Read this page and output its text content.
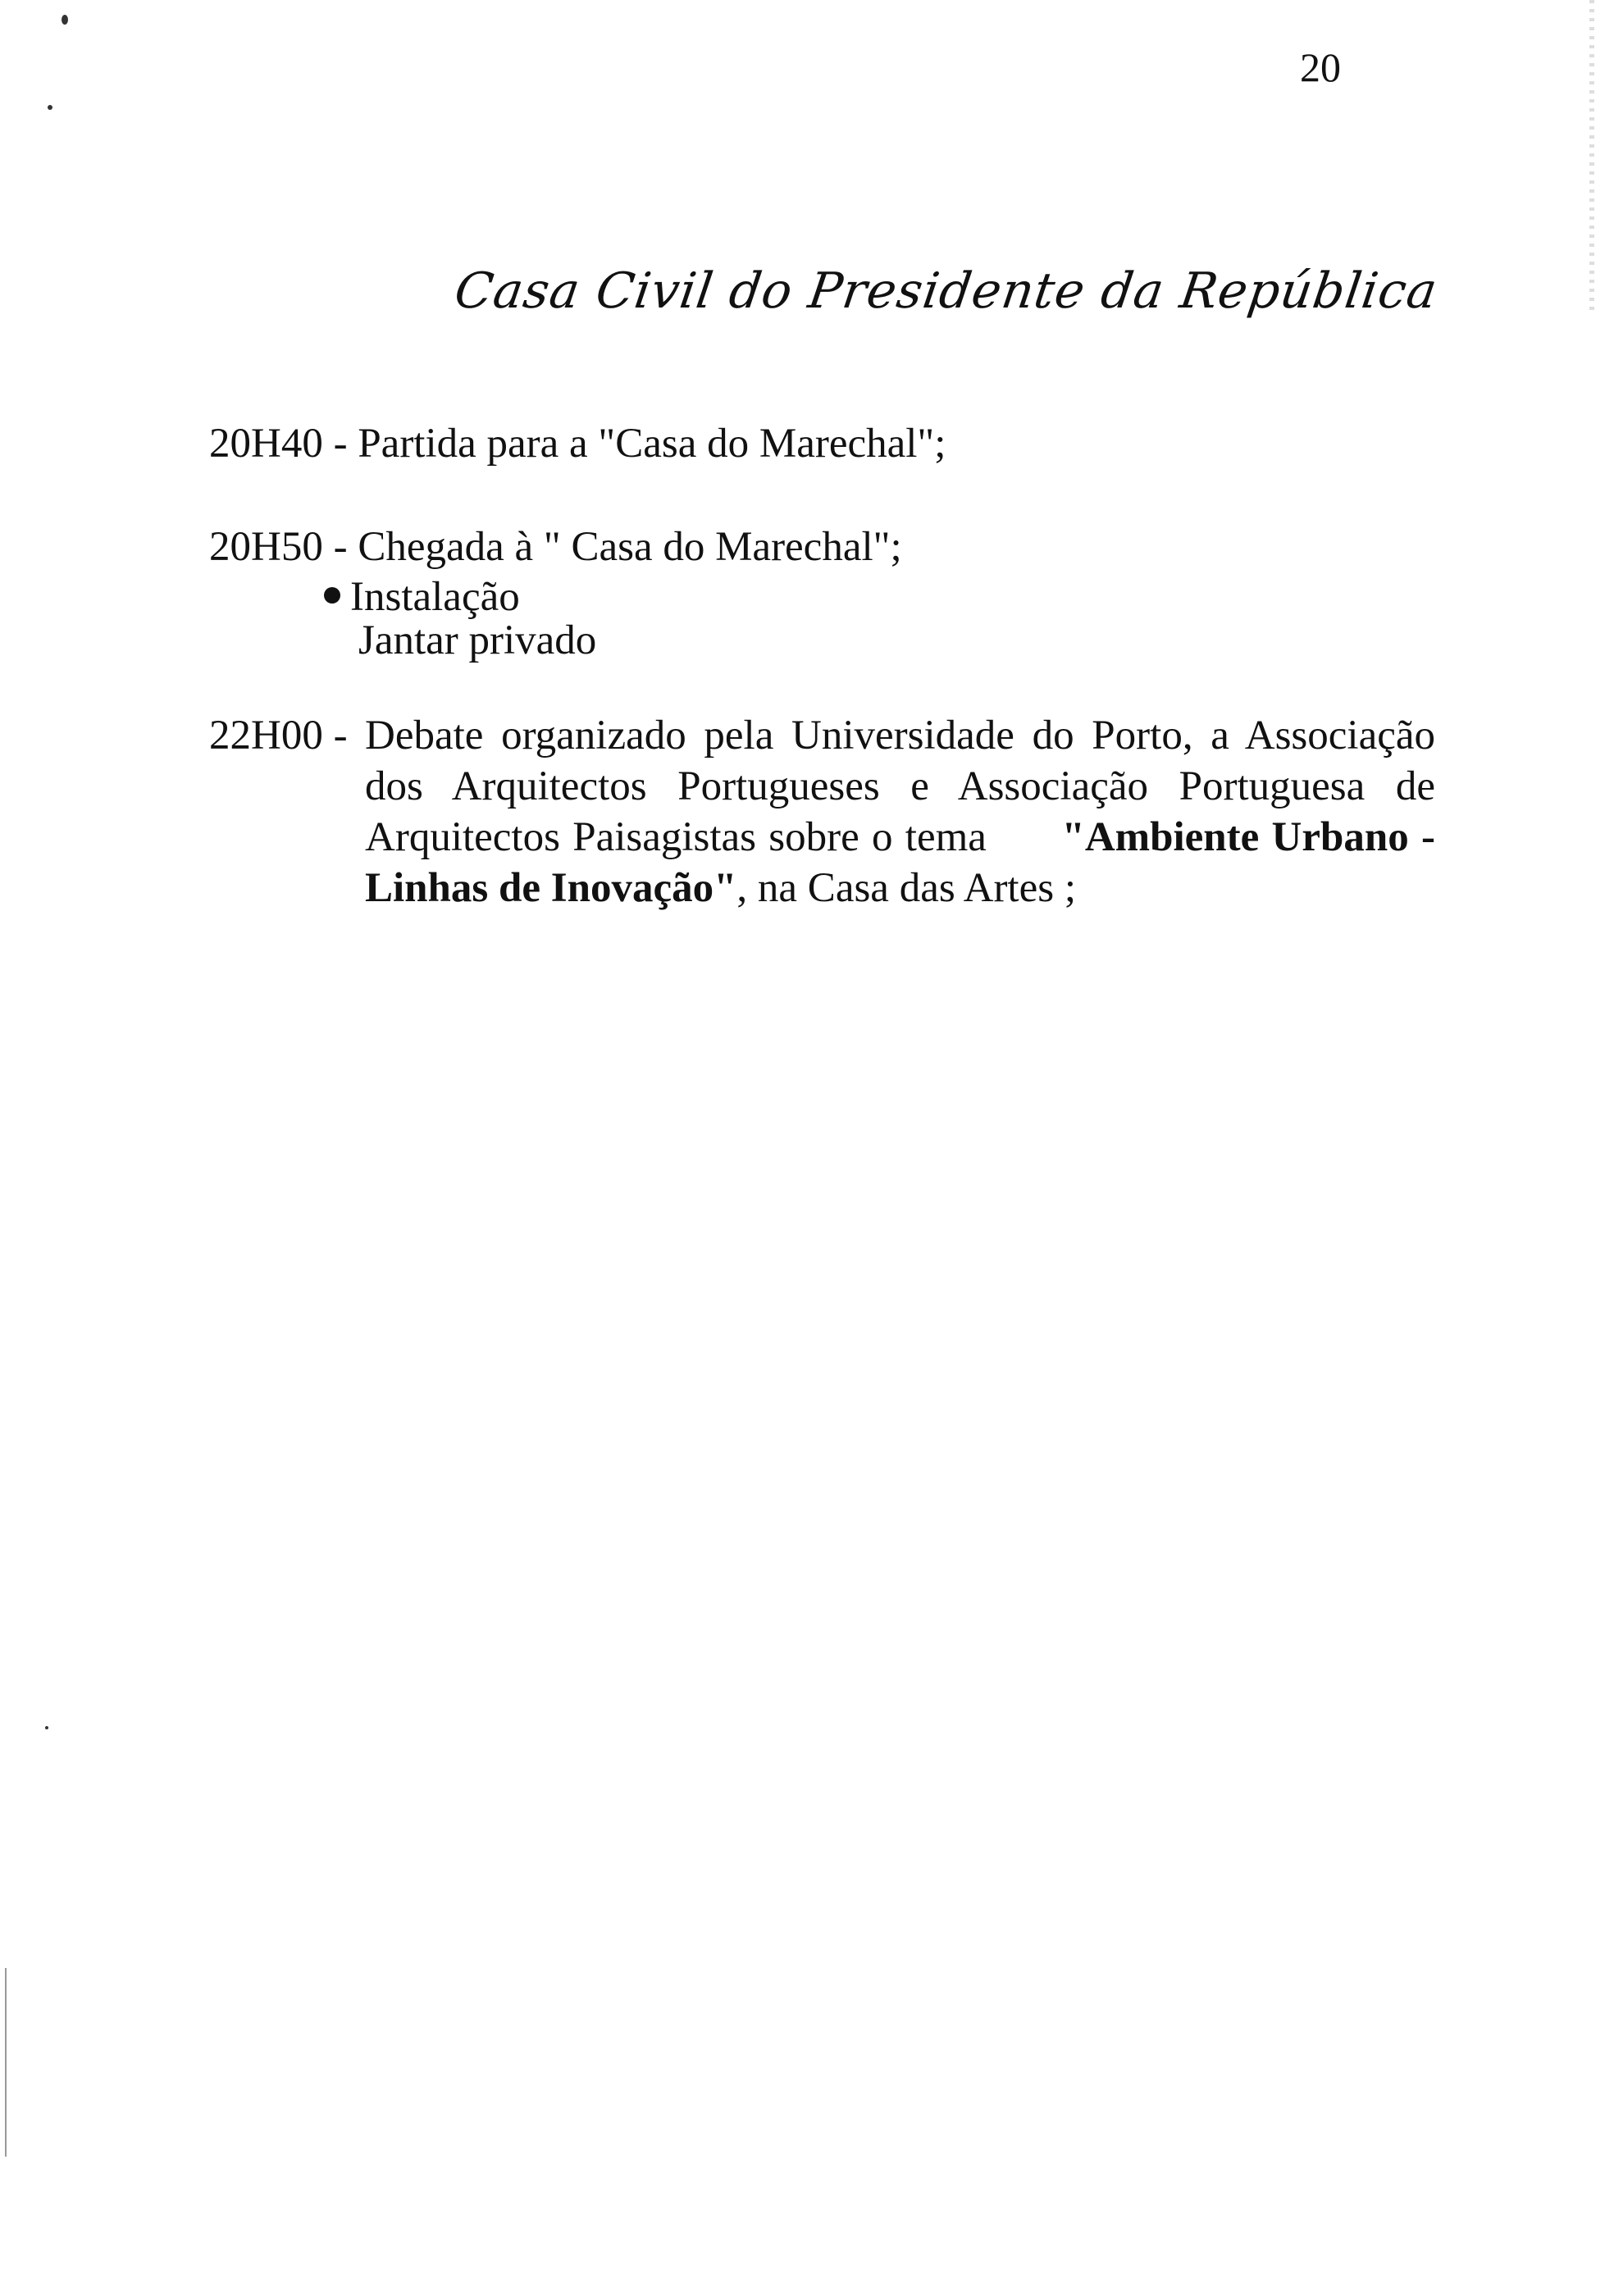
20
Casa Civil do Presidente da República
20H40 - Partida para a "Casa do Marechal";
20H50 - Chegada à " Casa do Marechal";
Instalação
Jantar privado
22H00 - Debate organizado pela Universidade do Porto, a Associação dos Arquitectos Portugueses e Associação Portuguesa de Arquitectos Paisagistas sobre o tema "Ambiente Urbano - Linhas de Inovação", na Casa das Artes ;
